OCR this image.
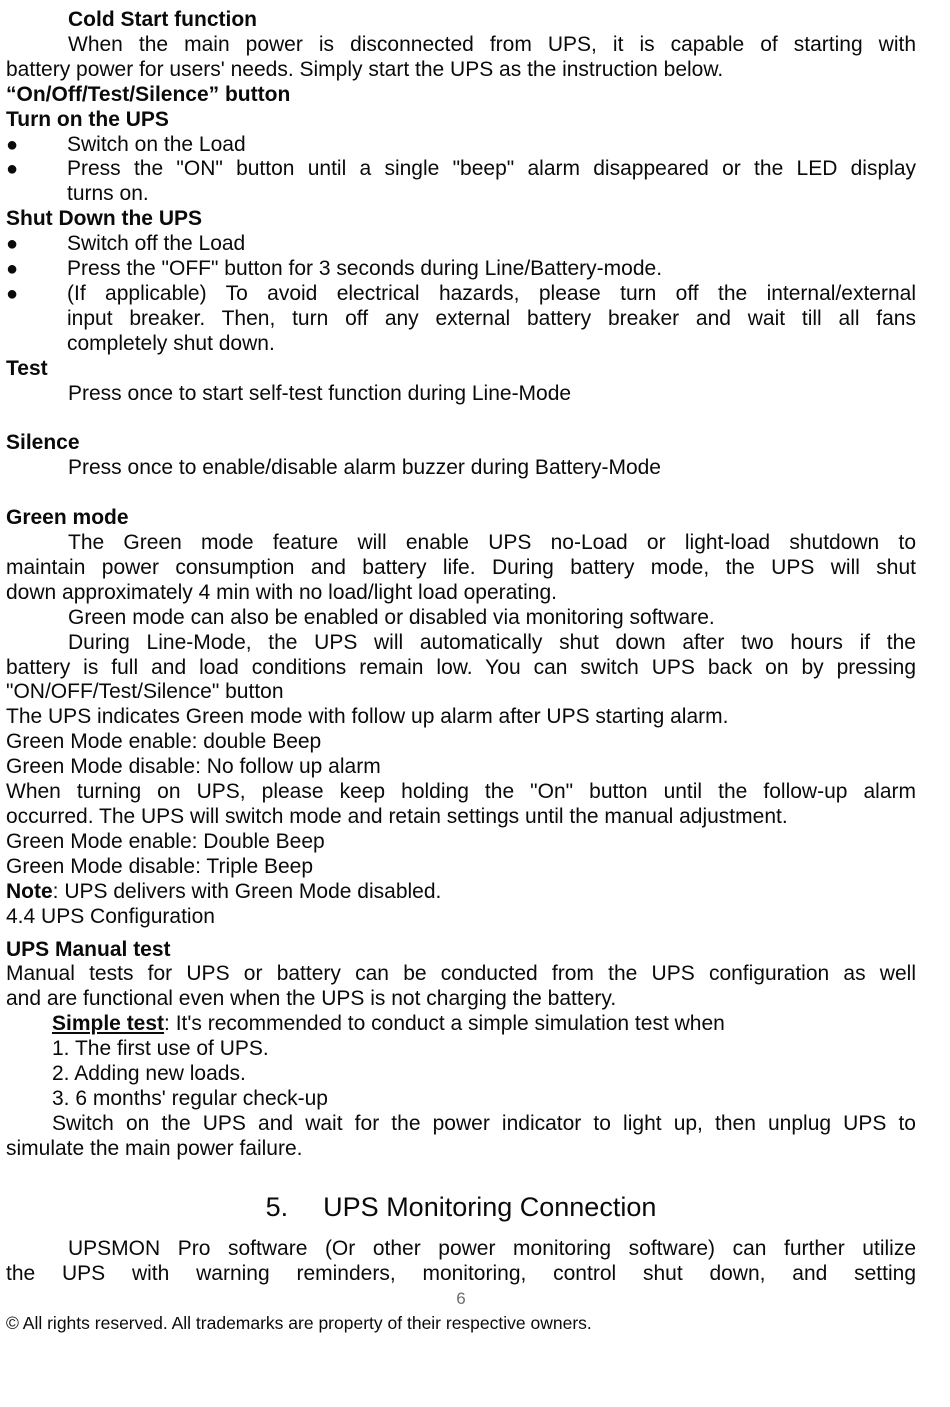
Cold Start function
When the main power is disconnected from UPS, it is capable of starting with
battery power for users' needs. Simply start the UPS as the instruction below.
“On/Off/Test/Silence” button
Turn on the UPS
● Switch on the Load
● Press the "ON" button until a single "beep" alarm disappeared or the LED display
turns on.
Shut Down the UPS
● Switch off the Load
● Press the "OFF" button for 3 seconds during Line/Battery-mode.
● (If applicable) To avoid electrical hazards, please turn off the internal/external
input breaker. Then, turn off any external battery breaker and wait till all fans
completely shut down.
Test
Press once to start self-test function during Line-Mode
Silence
Press once to enable/disable alarm buzzer during Battery-Mode
Green mode
The Green mode feature will enable UPS no-Load or light-load shutdown to
maintain power consumption and battery life. During battery mode, the UPS will shut
down approximately 4 min with no load/light load operating.
Green mode can also be enabled or disabled via monitoring software.
During Line-Mode, the UPS will automatically shut down after two hours if the
battery is full and load conditions remain low. You can switch UPS back on by pressing
"ON/OFF/Test/Silence" button
The UPS indicates Green mode with follow up alarm after UPS starting alarm.
Green Mode enable: double Beep
Green Mode disable: No follow up alarm
When turning on UPS, please keep holding the "On" button until the follow-up alarm
occurred. The UPS will switch mode and retain settings until the manual adjustment.
Green Mode enable: Double Beep
Green Mode disable: Triple Beep
Note: UPS delivers with Green Mode disabled.
4.4 UPS Configuration
UPS Manual test
Manual tests for UPS or battery can be conducted from the UPS configuration as well
and are functional even when the UPS is not charging the battery.
Simple test: It's recommended to conduct a simple simulation test when
1. The first use of UPS.
2. Adding new loads.
3. 6 months' regular check-up
Switch on the UPS and wait for the power indicator to light up, then unplug UPS to
simulate the main power failure.
5. UPS Monitoring Connection
UPSMON Pro software (Or other power monitoring software) can further utilize
the UPS with warning reminders, monitoring, control shut down, and setting
6
© All rights reserved. All trademarks are property of their respective owners.
